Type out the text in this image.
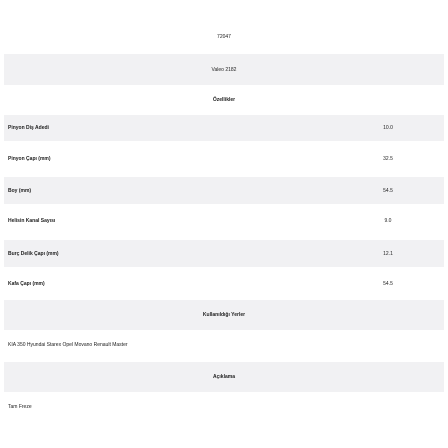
72047
Valeo 2182
Özellikler
Pinyon Diş Adedi	10.0
Pinyon Çapı (mm)	32.5
Boy (mm)	54.5
Helisin Kanal Sayısı	9.0
Burç Delik Çapı (mm)	12.1
Kafa Çapı (mm)	54.5
Kullanıldığı Yerler
KIA 350 Hyundai Starex Opel Movano Renault Master
Açıklama
Tam Freze
